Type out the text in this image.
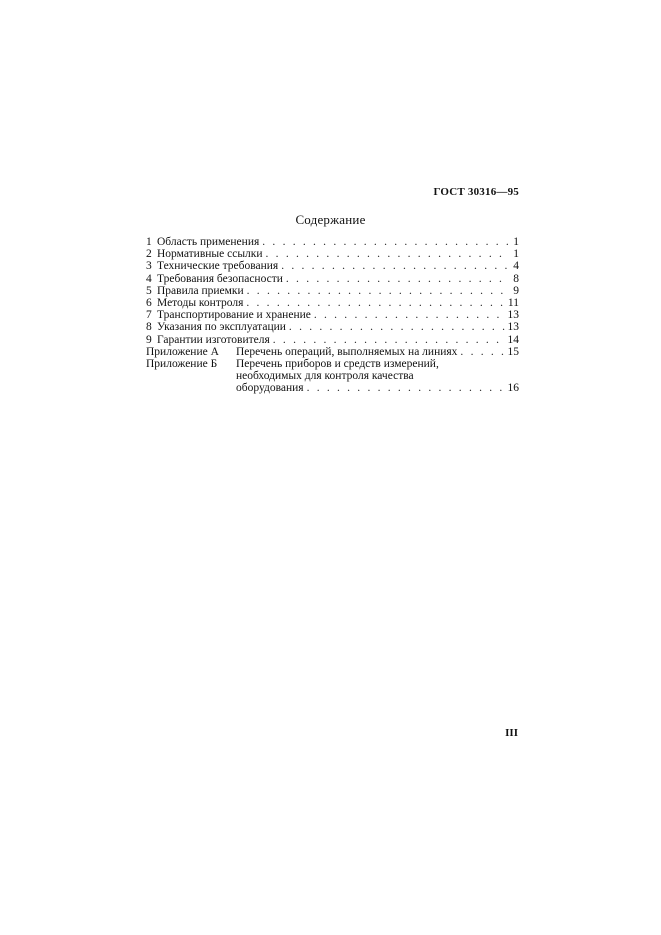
ГОСТ 30316—95
Содержание
1 Область применения . . .	1
2 Нормативные ссылки . . .	1
3 Технические требования . . .	4
4 Требования безопасности . . .	8
5 Правила приемки . . .	9
6 Методы контроля . . .	11
7 Транспортирование и хранение . . .	13
8 Указания по эксплуатации . . .	13
9 Гарантии изготовителя . . .	14
Приложение А	Перечень операций, выполняемых на линиях . . .	15
Приложение Б	Перечень приборов и средств измерений,
необходимых для контроля качества
оборудования . . .	16
III
